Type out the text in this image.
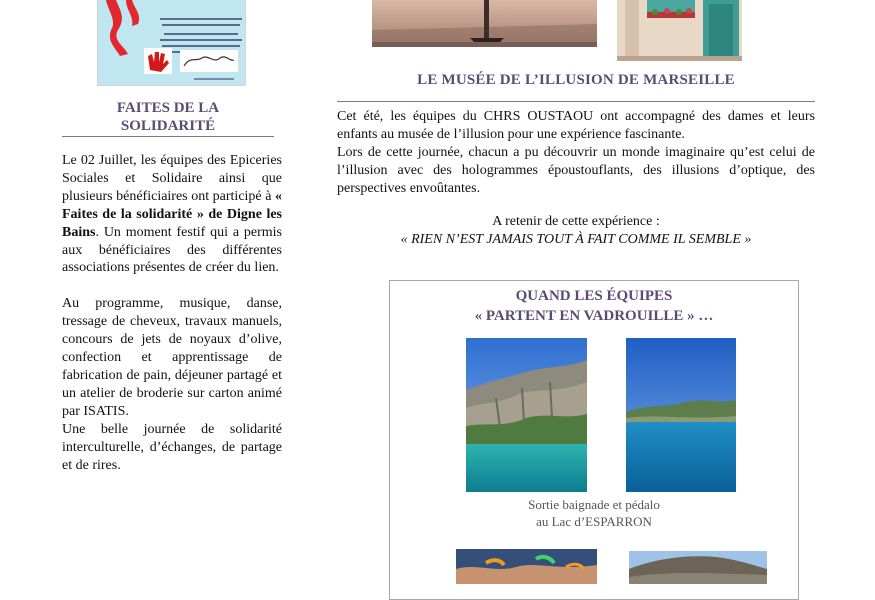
FAITES DE LA
SOLIDARITÉ

Le 02 Juillet, les équipes des Epiceries Sociales et Solidaire ainsi que plusieurs bénéficiaires ont participé à « Faites de la solidarité » de Digne les Bains. Un moment festif qui a permis aux bénéficiaires des différentes associations présentes de créer du lien.

Au programme, musique, danse, tressage de cheveux, travaux manuels, concours de jets de noyaux d’olive, confection et apprentissage de fabrication de pain, déjeuner partagé et un atelier de broderie sur carton animé par ISATIS.

Une belle journée de solidarité interculturelle, d’échanges, de partage et de rires.

LE MUSÉE DE L’ILLUSION DE MARSEILLE

Cet été, les équipes du CHRS OUSTAOU ont accompagné des dames et leurs enfants au musée de l’illusion pour une expérience fascinante.

Lors de cette journée, chacun a pu découvrir un monde imaginaire qu’est celui de l’illusion avec des hologrammes époustouflants, des illusions d’optique, des perspectives envoûtantes.

A retenir de cette expérience :
« RIEN N’EST JAMAIS TOUT À FAIT COMME IL SEMBLE »
QUAND LES ÉQUIPES
« PARTENT EN VADROUILLE » …
Sortie baignade et pédalo
au Lac d’ESPARRON
